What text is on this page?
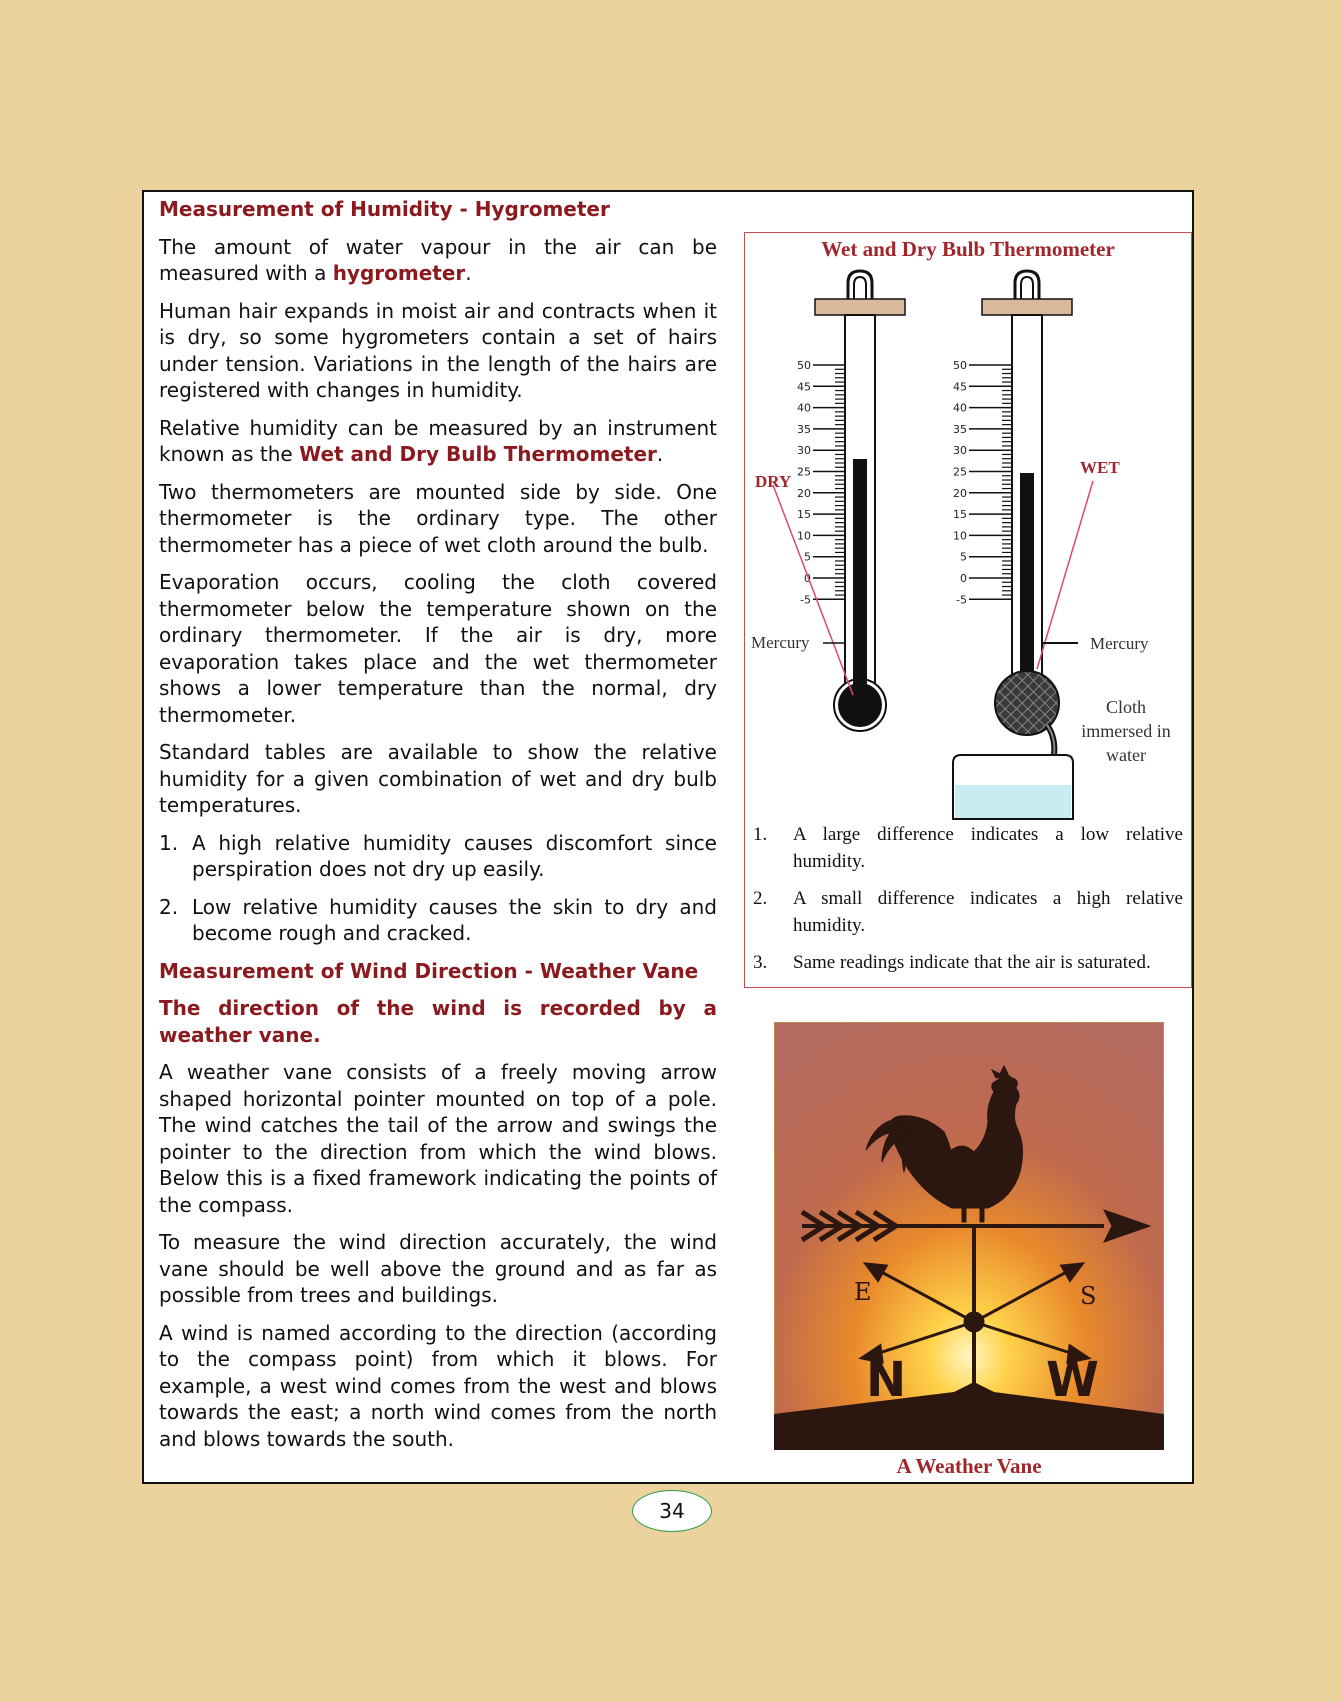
Measurement of Humidity - Hygrometer

The amount of water vapour in the air can be measured with a hygrometer.

Human hair expands in moist air and contracts when it is dry, so some hygrometers contain a set of hairs under tension. Variations in the length of the hairs are registered with changes in humidity.

Relative humidity can be measured by an instrument known as the Wet and Dry Bulb Thermometer.

Two thermometers are mounted side by side. One thermometer is the ordinary type. The other thermometer has a piece of wet cloth around the bulb.

Evaporation occurs, cooling the cloth covered thermometer below the temperature shown on the ordinary thermometer. If the air is dry, more evaporation takes place and the wet thermometer shows a lower temperature than the normal, dry thermometer.

Standard tables are available to show the relative humidity for a given combination of wet and dry bulb temperatures.

1. A high relative humidity causes discomfort since perspiration does not dry up easily.
2. Low relative humidity causes the skin to dry and become rough and cracked.

Measurement of Wind Direction - Weather Vane

The direction of the wind is recorded by a weather vane.

A weather vane consists of a freely moving arrow shaped horizontal pointer mounted on top of a pole. The wind catches the tail of the arrow and swings the pointer to the direction from which the wind blows. Below this is a fixed framework indicating the points of the compass.

To measure the wind direction accurately, the wind vane should be well above the ground and as far as possible from trees and buildings.

A wind is named according to the direction (according to the compass point) from which it blows. For example, a west wind comes from the west and blows towards the east; a north wind comes from the north and blows towards the south.

Wet and Dry Bulb Thermometer
50
45
40
35
30
25
20
15
10
5
0
-5
50
45
40
35
30
25
20
15
10
5
0
-5
DRY
WET
Mercury	Mercury
Cloth
immersed in
water
1. A large difference indicates a low relative humidity.
2. A small difference indicates a high relative humidity.
3. Same readings indicate that the air is saturated.
E	S
N	W
A Weather Vane
34
